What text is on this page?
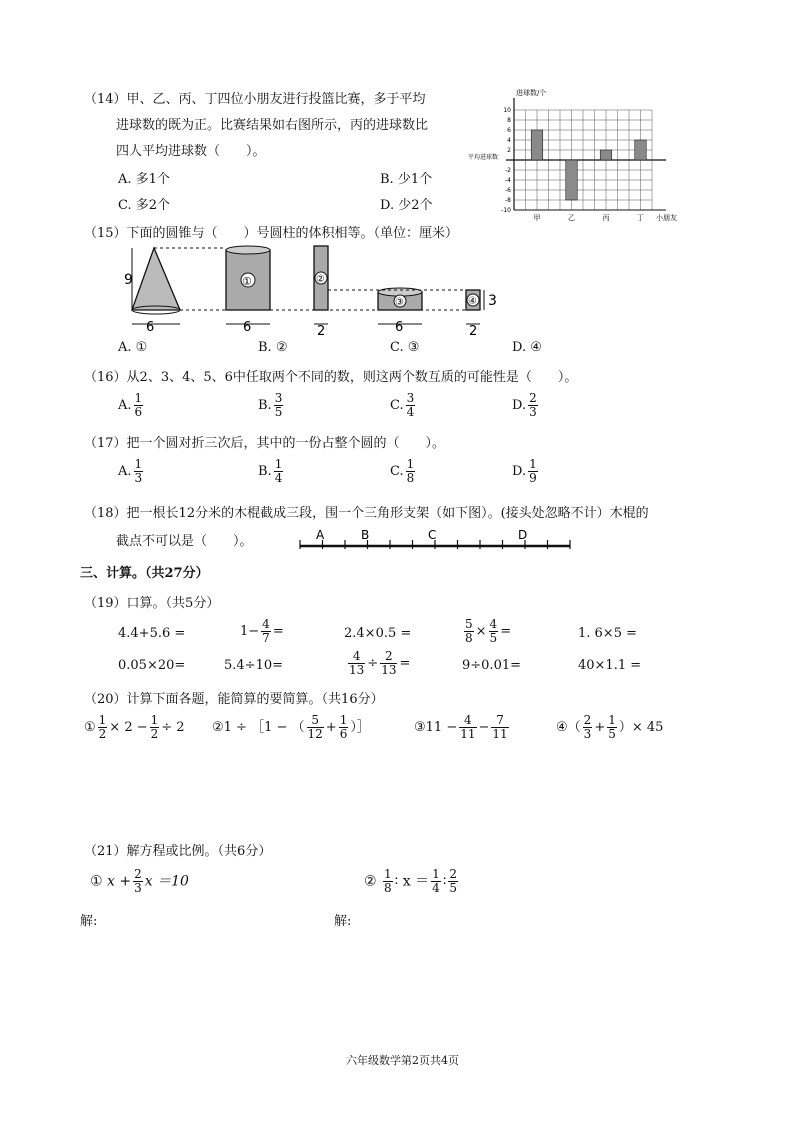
（14）甲、乙、丙、丁四位小朋友进行投篮比赛，多于平均
进球数的既为正。比赛结果如右图所示，丙的进球数比
四人平均进球数（　　）。
A. 多1个	B. 少1个
C. 多2个	D. 少2个
进球数/个
平均进球数
10
8
6
4
2
-2
-4
-6
-8
-10
甲	乙	丙	丁 小朋友
（15）下面的圆锥与（　　）号圆柱的体积相等。（单位：厘米）
9
6
①
6
②
2
③
6
④ 3
2
A. ①	B. ②	C. ③	D. ④
（16）从2、3、4、5、6中任取两个不同的数，则这两个数互质的可能性是（　　）。
A. $\frac{1}{6}$	B. $\frac{3}{5}$	C. $\frac{3}{4}$	D. $\frac{2}{3}$
（17）把一个圆对折三次后，其中的一份占整个圆的（　　）。
A. $\frac{1}{3}$	B. $\frac{1}{4}$	C. $\frac{1}{8}$	D. $\frac{1}{9}$
（18）把一根长12分米的木棍截成三段，围一个三角形支架（如下图）。(接头处忽略不计）木棍的
截点不可以是（　　）。	A	B	C	D
三、计算。（共27分）
（19）口算。（共5分）
4.4+5.6 =	$1- \frac{4}{7}$ =	2.4×0.5 =	$\frac{5}{8} \times \frac{4}{5}$ =	1. 6×5 =
0.05×20=	5.4÷10=	$\frac{4}{13} \div \frac{2}{13}$ =	9÷0.01=	40×1.1 =
（20）计算下面各题，能简算的要简算。（共16分）
① $\frac{1}{2} \times 2 - \frac{1}{2} \div 2$ ②1 ÷ ［1 − （ $\frac{5}{12} + \frac{1}{6}$ ）］	③11 − $\frac{4}{11} - \frac{7}{11}$	④（ $\frac{2}{3} + \frac{1}{5}$ ）× 45
（21）解方程或比例。（共6分）
① $x + \frac{2}{3}$ x ＝10	② $\frac{1}{8}$ ∶ $x = \frac{1}{4}$ ∶ $\frac{2}{5}$
解:	解:
六年级数学第2页共4页
